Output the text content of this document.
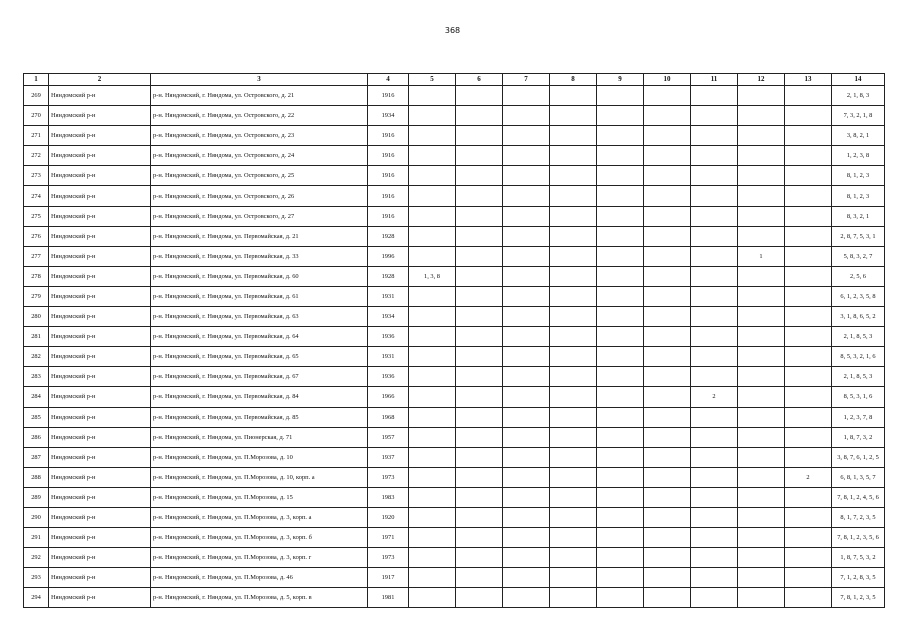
368
1	2	3	4	5	6	7	8	9	10	11	12	13	14
269	Няндомский р-н	р-н. Няндомский, г. Няндома, ул. Островского, д. 21	1916										2, 1, 8, 3
270	Няндомский р-н	р-н. Няндомский, г. Няндома, ул. Островского, д. 22	1934										7, 3, 2, 1, 8
271	Няндомский р-н	р-н. Няндомский, г. Няндома, ул. Островского, д. 23	1916										3, 8, 2, 1
272	Няндомский р-н	р-н. Няндомский, г. Няндома, ул. Островского, д. 24	1916										1, 2, 3, 8
273	Няндомский р-н	р-н. Няндомский, г. Няндома, ул. Островского, д. 25	1916										8, 1, 2, 3
274	Няндомский р-н	р-н. Няндомский, г. Няндома, ул. Островского, д. 26	1916										8, 1, 2, 3
275	Няндомский р-н	р-н. Няндомский, г. Няндома, ул. Островского, д. 27	1916										8, 3, 2, 1
276	Няндомский р-н	р-н. Няндомский, г. Няндома, ул. Первомайская, д. 21	1928										2, 8, 7, 5, 3, 1
277	Няндомский р-н	р-н. Няндомский, г. Няндома, ул. Первомайская, д. 33	1996								1		5, 8, 3, 2, 7
278	Няндомский р-н	р-н. Няндомский, г. Няндома, ул. Первомайская, д. 60	1928	1, 3, 8									2, 5, 6
279	Няндомский р-н	р-н. Няндомский, г. Няндома, ул. Первомайская, д. 61	1931										6, 1, 2, 3, 5, 8
280	Няндомский р-н	р-н. Няндомский, г. Няндома, ул. Первомайская, д. 63	1934										3, 1, 8, 6, 5, 2
281	Няндомский р-н	р-н. Няндомский, г. Няндома, ул. Первомайская, д. 64	1936										2, 1, 8, 5, 3
282	Няндомский р-н	р-н. Няндомский, г. Няндома, ул. Первомайская, д. 65	1931										8, 5, 3, 2, 1, 6
283	Няндомский р-н	р-н. Няндомский, г. Няндома, ул. Первомайская, д. 67	1936										2, 1, 8, 5, 3
284	Няндомский р-н	р-н. Няндомский, г. Няндома, ул. Первомайская, д. 84	1966							2			8, 5, 3, 1, 6
285	Няндомский р-н	р-н. Няндомский, г. Няндома, ул. Первомайская, д. 85	1968										1, 2, 3, 7, 8
286	Няндомский р-н	р-н. Няндомский, г. Няндома, ул. Пионерская, д. 71	1957										1, 8, 7, 3, 2
287	Няндомский р-н	р-н. Няндомский, г. Няндома, ул. П.Морозова, д. 10	1937										3, 8, 7, 6, 1, 2, 5
288	Няндомский р-н	р-н. Няндомский, г. Няндома, ул. П.Морозова, д. 10, корп. а	1973									2	6, 8, 1, 3, 5, 7
289	Няндомский р-н	р-н. Няндомский, г. Няндома, ул. П.Морозова, д. 15	1983										7, 8, 1, 2, 4, 5, 6
290	Няндомский р-н	р-н. Няндомский, г. Няндома, ул. П.Морозова, д. 3, корп. а	1920										8, 1, 7, 2, 3, 5
291	Няндомский р-н	р-н. Няндомский, г. Няндома, ул. П.Морозова, д. 3, корп. б	1971										7, 8, 1, 2, 3, 5, 6
292	Няндомский р-н	р-н. Няндомский, г. Няндома, ул. П.Морозова, д. 3, корп. г	1973										1, 8, 7, 5, 3, 2
293	Няндомский р-н	р-н. Няндомский, г. Няндома, ул. П.Морозова, д. 46	1917										7, 1, 2, 8, 3, 5
294	Няндомский р-н	р-н. Няндомский, г. Няндома, ул. П.Морозова, д. 5, корп. в	1981										7, 8, 1, 2, 3, 5
